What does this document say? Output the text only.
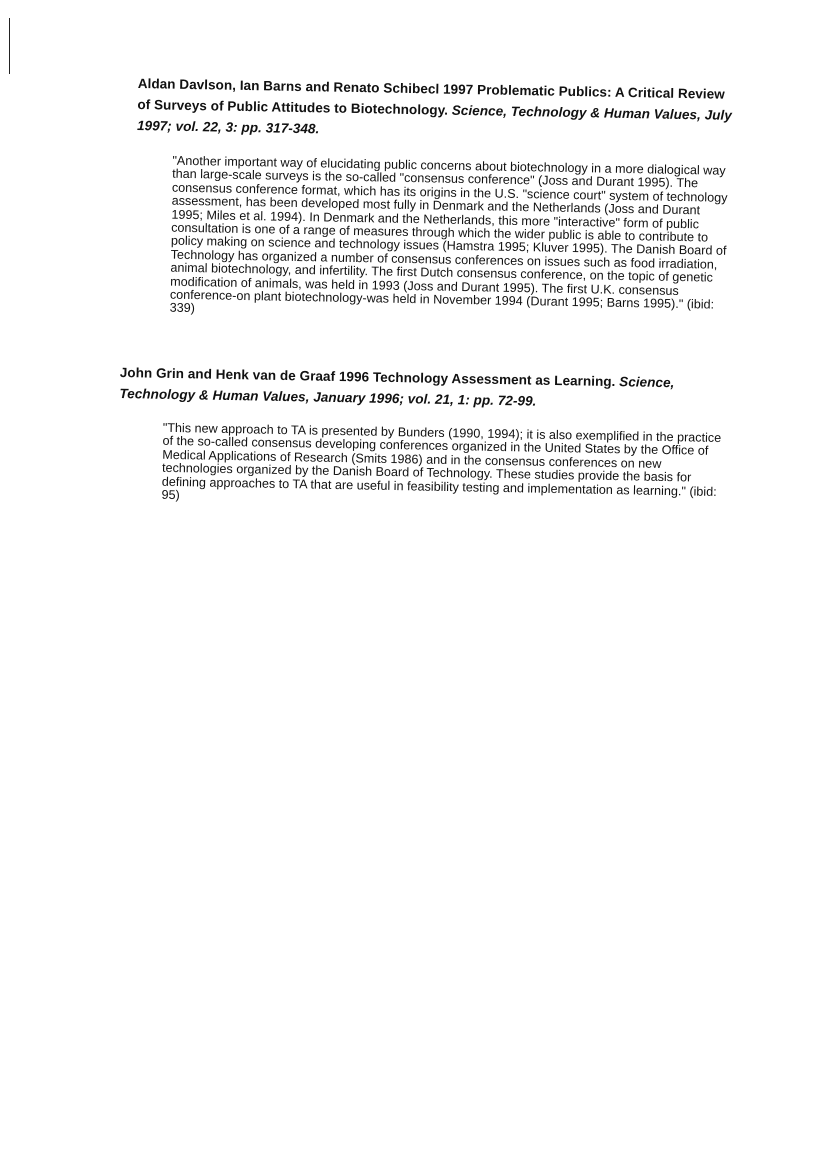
Aldan Davlson, Ian Barns and Renato Schibecl 1997 Problematic Publics: A Critical Review of Surveys of Public Attitudes to Biotechnology. Science, Technology & Human Values, July 1997; vol. 22, 3: pp. 317-348.
"Another important way of elucidating public concerns about biotechnology in a more dialogical way than large-scale surveys is the so-called "consensus conference" (Joss and Durant 1995). The consensus conference format, which has its origins in the U.S. "science court" system of technology assessment, has been developed most fully in Denmark and the Netherlands (Joss and Durant 1995; Miles et al. 1994). In Denmark and the Netherlands, this more "interactive" form of public consultation is one of a range of measures through which the wider public is able to contribute to policy making on science and technology issues (Hamstra 1995; Kluver 1995). The Danish Board of Technology has organized a number of consensus conferences on issues such as food irradiation, animal biotechnology, and infertility. The first Dutch consensus conference, on the topic of genetic modification of animals, was held in 1993 (Joss and Durant 1995). The first U.K. consensus conference-on plant biotechnology-was held in November 1994 (Durant 1995; Barns 1995)." (ibid: 339)
John Grin and Henk van de Graaf 1996 Technology Assessment as Learning. Science, Technology & Human Values, January 1996; vol. 21, 1: pp. 72-99.
"This new approach to TA is presented by Bunders (1990, 1994); it is also exemplified in the practice of the so-called consensus developing conferences organized in the United States by the Office of Medical Applications of Research (Smits 1986) and in the consensus conferences on new technologies organized by the Danish Board of Technology. These studies provide the basis for defining approaches to TA that are useful in feasibility testing and implementation as learning." (ibid: 95)
